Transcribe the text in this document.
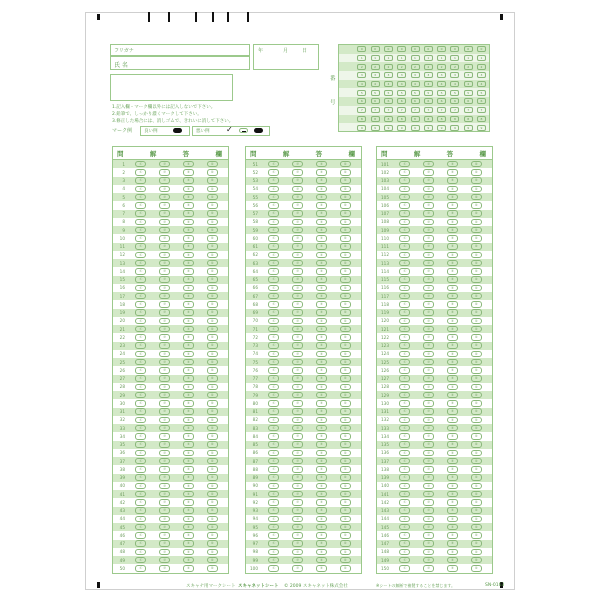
フリガナ
氏 名
年	月	日
1.記入欄・マーク欄以外には記入しないで下さい。
2.鉛筆で、しっかり濃くマークして下さい。
3.修正した場合には、消しゴムで、きれいに消して下さい。
マーク例	良い例	悪い例 ✓
0	0	0	0	0	0	0	0	0	0
1	1	1	1	1	1	1	1	1	1
2	2	2	2	2	2	2	2	2	2
3	3	3	3	3	3	3	3	3	3
4	4	4	4	4	4	4	4	4	4
5	5	5	5	5	5	5	5	5	5
6	6	6	6	6	6	6	6	6	6
7	7	7	7	7	7	7	7	7	7
8	8	8	8	8	8	8	8	8	8
9	9	9	9	9	9	9	9	9	9
番
号
問	解	答	欄
1	①	②	③	④
2	①	②	③	④
3	①	②	③	④
4	①	②	③	④
5	①	②	③	④
6	①	②	③	④
7	①	②	③	④
8	①	②	③	④
9	①	②	③	④
10	①	②	③	④
11	①	②	③	④
12	①	②	③	④
13	①	②	③	④
14	①	②	③	④
15	①	②	③	④
16	①	②	③	④
17	①	②	③	④
18	①	②	③	④
19	①	②	③	④
20	①	②	③	④
21	①	②	③	④
22	①	②	③	④
23	①	②	③	④
24	①	②	③	④
25	①	②	③	④
26	①	②	③	④
27	①	②	③	④
28	①	②	③	④
29	①	②	③	④
30	①	②	③	④
31	①	②	③	④
32	①	②	③	④
33	①	②	③	④
34	①	②	③	④
35	①	②	③	④
36	①	②	③	④
37	①	②	③	④
38	①	②	③	④
39	①	②	③	④
40	①	②	③	④
41	①	②	③	④
42	①	②	③	④
43	①	②	③	④
44	①	②	③	④
45	①	②	③	④
46	①	②	③	④
47	①	②	③	④
48	①	②	③	④
49	①	②	③	④
50	①	②	③	④
問	解	答	欄
51	①	②	③	④
52	①	②	③	④
53	①	②	③	④
54	①	②	③	④
55	①	②	③	④
56	①	②	③	④
57	①	②	③	④
58	①	②	③	④
59	①	②	③	④
60	①	②	③	④
61	①	②	③	④
62	①	②	③	④
63	①	②	③	④
64	①	②	③	④
65	①	②	③	④
66	①	②	③	④
67	①	②	③	④
68	①	②	③	④
69	①	②	③	④
70	①	②	③	④
71	①	②	③	④
72	①	②	③	④
73	①	②	③	④
74	①	②	③	④
75	①	②	③	④
76	①	②	③	④
77	①	②	③	④
78	①	②	③	④
79	①	②	③	④
80	①	②	③	④
81	①	②	③	④
82	①	②	③	④
83	①	②	③	④
84	①	②	③	④
85	①	②	③	④
86	①	②	③	④
87	①	②	③	④
88	①	②	③	④
89	①	②	③	④
90	①	②	③	④
91	①	②	③	④
92	①	②	③	④
93	①	②	③	④
94	①	②	③	④
95	①	②	③	④
96	①	②	③	④
97	①	②	③	④
98	①	②	③	④
99	①	②	③	④
100	①	②	③	④
問	解	答	欄
101	①	②	③	④
102	①	②	③	④
103	①	②	③	④
104	①	②	③	④
105	①	②	③	④
106	①	②	③	④
107	①	②	③	④
108	①	②	③	④
109	①	②	③	④
110	①	②	③	④
111	①	②	③	④
112	①	②	③	④
113	①	②	③	④
114	①	②	③	④
115	①	②	③	④
116	①	②	③	④
117	①	②	③	④
118	①	②	③	④
119	①	②	③	④
120	①	②	③	④
121	①	②	③	④
122	①	②	③	④
123	①	②	③	④
124	①	②	③	④
125	①	②	③	④
126	①	②	③	④
127	①	②	③	④
128	①	②	③	④
129	①	②	③	④
130	①	②	③	④
131	①	②	③	④
132	①	②	③	④
133	①	②	③	④
134	①	②	③	④
135	①	②	③	④
136	①	②	③	④
137	①	②	③	④
138	①	②	③	④
139	①	②	③	④
140	①	②	③	④
141	①	②	③	④
142	①	②	③	④
143	①	②	③	④
144	①	②	③	④
145	①	②	③	④
146	①	②	③	④
147	①	②	③	④
148	①	②	③	④
149	①	②	③	④
150	①	②	③	④
スキャナ用マークシート スキャネットシート © 2009 スキャネット株式会社	※シートの無断で複製することを禁じます。	SN-0163
